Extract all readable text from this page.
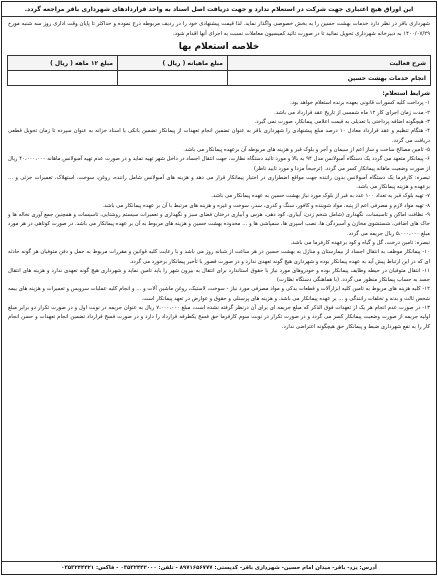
این اوراق هیچ اعتباری جهت شرکت در استعلام ندارد و جهت دریافت اصل اسناد به واحد قراردادهای شهرداری باقر مراجعه گردد.
شهرداری باقر در نظر دارد خدمات بهشت حسین را به بخش خصوصی واگذار نماید. لذا قیمت پیشنهادی خود را در ردیف مربوطه درج نموده و حداکثر تا پایان وقت اداری روز سه شنبه مورخ ۱۴۰۰/۰۷/۲۹ به دبیرخانه شهرداری تحویل نمائید تا در صورت تائید کمیسیون معاملات نسبت به اجرای آنها اقدام شود.
خلاصه استعلام بها
شرح فعالیت	مبلغ ماهیانه ( ریال )	مبلغ ۱۲ ماهه ( ریال )
انجام خدمات بهشت حسین		
شرایط استعلام:

۱- پرداخت کلیه کسورات قانونی بعهده برنده استعلام خواهد بود.

۲- مدت زمان اجرای کار ۱۲ ماه شمسی از تاریخ عقد قرارداد می باشد.

۳- هیچگونه اضافه پرداختی یا تعدیلی به قیمت اعلامی پیمانکار، صورت نمی گیرد.

۴- هنگام تنظیم و عقد قرارداد معادل ۱۰ درصد مبلغ پیشنهادی را شهرداری باقر به عنوان تضمین انجام تعهدات از پیمانکار تضمین بانکی یا اسناد خزانه به عنوان سپرده تا زمان تحویل قطعی دریافت می گردد.

۵- تامین مصالح ساخت و ساز اعم از سیمان و آجر و بلوک قبر و هزینه های مربوطه آن برعهده پیمانکار می باشد.

۶- پیمانکار متعهد می گردد یک دستگاه آمبولانس مدل ۹۴ به بالا و مورد تائید دستگاه نظارت، جهت انتقال اجساد در داخل شهر تهیه نماید و در صورت عدم تهیه آمبولانس ماهانه ۴۰،۰۰۰،۰۰۰ ریال از صورت وضعیت ماهانه پیمانکار کسر می گردد. (ترجیحاً مزدا و مورد تایید ناظر)

تبصره: کارفرما یک دستگاه آمبولانس بدون راننده جهت مواقع اضطراری در اختیار پیمانکار قرار می دهد و هزینه های آمبولانس شامل راننده، روغن، سوخت، استهلاک، تعمیرات جزئی و ... برعهده و هزینه پیمانکار می باشد.

۷- تهیه بلوک قبر به تعداد ۱۰۰ عدد به قبر از بلوک مورد نیاز بهشت حسین به عهده پیمانکار می باشد.

۸- تهیه مواد لازم و مصرفی اعم از پنبه، مواد شوینده و کافور، سنگ و کدری، سدر، سوخت و غیره و هزینه های مرتبط با آن بر عهده پیمانکار می باشد.

۹- نظافت اماکن و تاسیسات، نگهداری (شامل شخم زدن، آبیاری، کود دهی، هرس و آبیاری درختان فضای سبز و نگهداری و تعمیرات سیستم روشنایی، تاسیسات و همچنین جمع آوری نخاله ها و خاک های اضافی، شستشوی مخازن و آسیردگی ها، نصب اسپری ها، سمپاشی ها و ... محدوده بهشت حسین و هزینه های مربوط به آن بر عهده پیمانکار می باشد. در صورت کوتاهی در هر مورد مبلغ ۵،۰۰۰،۰۰۰ ریال جریمه می گردد.

تبصره: تامین درخت، گل و گیاه و کود برعهده کارفرما می باشد.

۱۰- پیمانکار موظف به انتقال اجساد از بیمارستان و منازل به بهشت حسین در هر ساعت از شبانه روز می باشد و با رعایت کلیه قوانین و مقررات مربوط به حمل و دفن متوفیان هر گونه حادثه ای که در این ارتباط پیش آید به عهده پیمانکار بوده و شهرداری هیچ گونه تعهدی ندارد و در صورت قصور یا تأخیر پیمانکار برخورد می گردد.

۱۱- انتقال متوفیان در حیطه وظایف پیمانکار بوده و خودروهای مورد نیاز با حقوق استاندارد برای انتقال به بیرون شهر را باید تامین نماید و شهرداری هیچ گونه تعهدی ندارد و هزینه های انتقال جسد به حساب پیمانکار منظور می گردد. (با هماهنگی دستگاه نظارت)

۱۲- کلیه هزینه های مربوط به تامین کلیه ابزارآلات و قطعات یدکی و مواد مصرفی مورد نیاز - سوخت، لاستیک، روغن ماشین آلات و ... و انجام کلیه عملیات سرویس و تعمیرات و هزینه های بیمه شخص ثالث و بدنه و تخلفات رانندگی و ... بر عهده پیمانکار می باشد. و هزینه های پرسنلی و حقوق و عوارض در تعهد پیمانکار است.

۱۳- در صورت عدم انجام هر یک از تعهدات فوق الذکر که مبلغ جریمه ای برای آن درنظر گرفته نشده است، مبلغ ۷،۰۰۰،۰۰۰ ریال به عنوان جریمه در نوبت اول و در صورت تکرار دو برابر مبلغ اولیه جریمه از صورت وضعیت پیمانکار کسر می گردد و در صورت تکرار در نوبت سوم کارفرما حق فسخ یکطرفه قرارداد را دارد و در صورت فسخ قرارداد تضمین انجام تعهدات و حسن انجام کار را به نفع شهرداری ضبط و پیمانکار حق هیچگونه اعتراضی ندارد.

آدرس: یزد- باقر- میدان امام حسین- شهرداری باقر- کدپستی: ۸۹۷۱۶۵۶۷۷۷ - تلفن: ۰۳۵۳۲۴۴۲۰۰۰ - فاکس: ۰۳۵۳۲۴۴۴۲۱
